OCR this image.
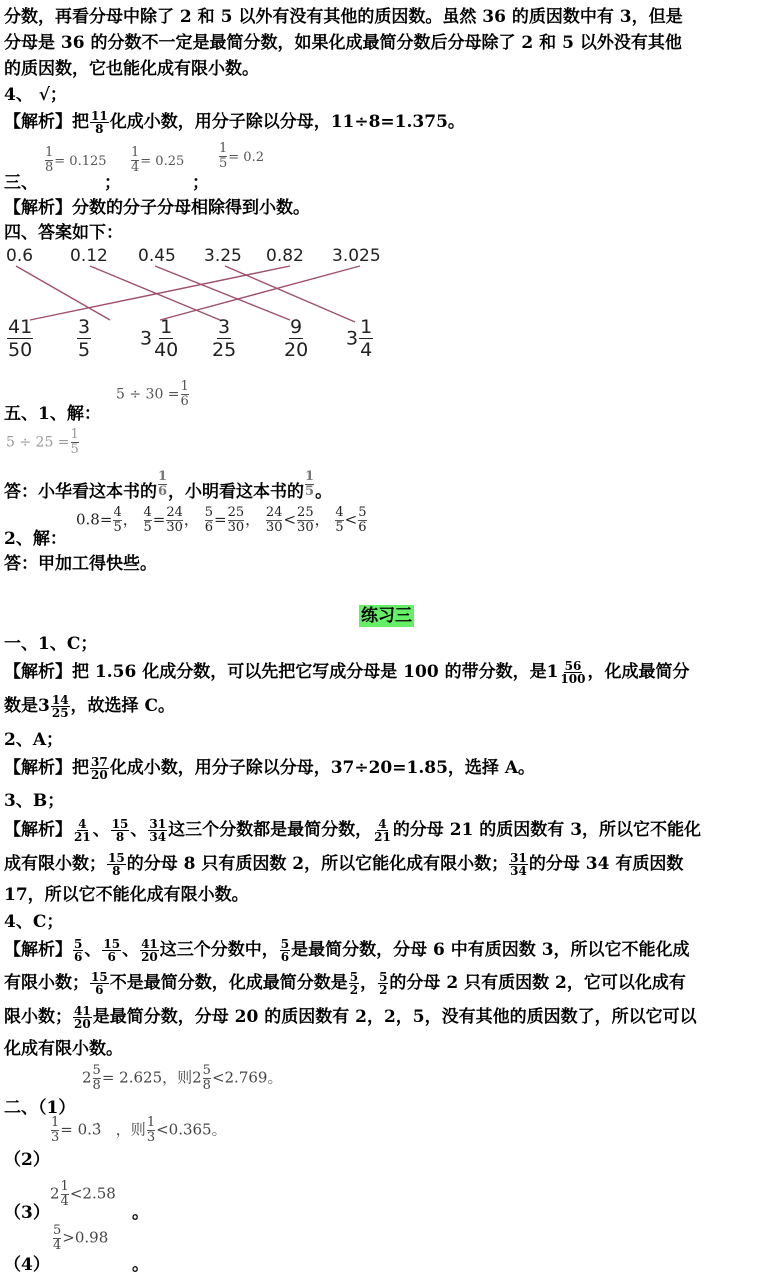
分数，再看分母中除了 2 和 5 以外有没有其他的质因数。虽然 36 的质因数中有 3，但是
分母是 36 的分数不一定是最简分数，如果化成最简分数后分母除了 2 和 5 以外没有其他
的质因数，它也能化成有限小数。
4、 √；
【解析】把 $\frac{11}{8}$ 化成小数，用分子除以分母，11÷8=1.375。
$\frac{1}{8} = 0.125 \frac{1}{4} = 0.25$	$\frac{1}{5} = 0.2$
三、	；	；
【解析】分数的分子分母相除得到小数。
四、答案如下：
0.6 0.12 0.45 3.25 0.82 3.025
$\frac{41}{50} \frac{3}{5}$	$3 \frac{1}{40} \frac{3}{25} \frac{9}{20} 3 \frac{1}{4}$
$5 \div 30 = \frac{1}{6}$
五、1、解：
$5 \div 25 = \frac{1}{5}$
答：小华看这本书的 $\frac{1}{6}$ ，小明看这本书的 $\frac{1}{5}$ 。
2、解：
$0.8= \frac{4}{5}$ ， $\frac{4}{5} = \frac{24}{30}$ ， $\frac{5}{6} = \frac{25}{30}$ ， $\frac{24}{30} < \frac{25}{30}$ ， $\frac{4}{5} < \frac{5}{6}$
答：甲加工得快些。
练习三
一、1、C；
【解析】把 1.56 化成分数，可以先把它写成分母是 100 的带分数，是$1 \frac{56}{100}$ ，化成最简分
数是$3 \frac{14}{25}$ ，故选择 C。
2、A；
【解析】把 $\frac{37}{20}$ 化成小数，用分子除以分母，37÷20=1.85，选择 A。
3、B；
【解析】 $\frac{4}{21}$ 、 $\frac{15}{8}$ 、 $\frac{31}{34}$ 这三个分数都是最简分数， $\frac{4}{21}$ 的分母 21 的质因数有 3，所以它不能化
成有限小数； $\frac{15}{8}$ 的分母 8 只有质因数 2，所以它能化成有限小数； $\frac{31}{34}$ 的分母 34 有质因数
17，所以它不能化成有限小数。
4、C；
【解析】 $\frac{5}{6}$ 、 $\frac{15}{6}$ 、 $\frac{41}{20}$ 这三个分数中， $\frac{5}{6}$ 是最简分数，分母 6 中有质因数 3，所以它不能化成
有限小数； $\frac{15}{6}$ 不是最简分数，化成最简分数是 $\frac{5}{2}$ ， $\frac{5}{2}$ 的分母 2 只有质因数 2，它可以化成有
限小数； $\frac{41}{20}$ 是最简分数，分母 20 的质因数有 2，2，5，没有其他的质因数了，所以它可以
化成有限小数。
$2 \frac{5}{8} = 2.625$，则$2 \frac{5}{8} <2.769$。
二、（1）
$\frac{1}{3}$ = 0.3̇ ，则 $\frac{1}{3} <0.365$。
（2）
$2 \frac{1}{4} <2.58$
（3）	。
$\frac{5}{4} >0.98$
（4）	。
